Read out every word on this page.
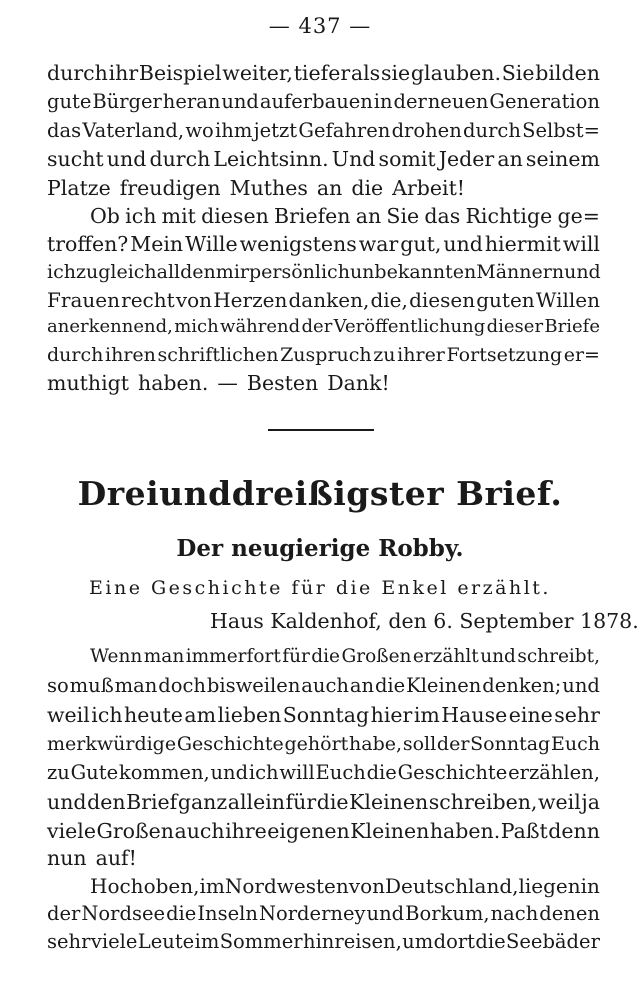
— 437 —
durch ihr Beispiel weiter, tiefer als sie glauben. Sie bilden
gute Bürger heran und auferbauen in der neuen Generation
das Vaterland, wo ihm jetzt Gefahren drohen durch Selbst=
sucht und durch Leichtsinn. Und somit Jeder an seinem
Platze freudigen Muthes an die Arbeit!
Ob ich mit diesen Briefen an Sie das Richtige ge=
troffen? Mein Wille wenigstens war gut, und hiermit will
ich zugleich all den mir persönlich unbekannten Männern und
Frauen recht von Herzen danken, die, diesen guten Willen
anerkennend, mich während der Veröffentlichung dieser Briefe
durch ihren schriftlichen Zuspruch zu ihrer Fortsetzung er=
muthigt haben. — Besten Dank!
Dreiunddreißigster Brief.
Der neugierige Robby.
Eine Geschichte für die Enkel erzählt.
Haus Kaldenhof, den 6. September 1878.
Wenn man immerfort für die Großen erzählt und schreibt,
so muß man doch bisweilen auch an die Kleinen denken; und
weil ich heute am lieben Sonntag hier im Hause eine sehr
merkwürdige Geschichte gehört habe, soll der Sonntag Euch
zu Gute kommen, und ich will Euch die Geschichte erzählen,
und den Brief ganz allein für die Kleinen schreiben, weil ja
viele Großen auch ihre eigenen Kleinen haben. Paßt denn
nun auf!
Hoch oben, im Nordwesten von Deutschland, liegen in
der Nordsee die Inseln Norderney und Borkum, nach denen
sehr viele Leute im Sommer hinreisen, um dort die Seebäder
